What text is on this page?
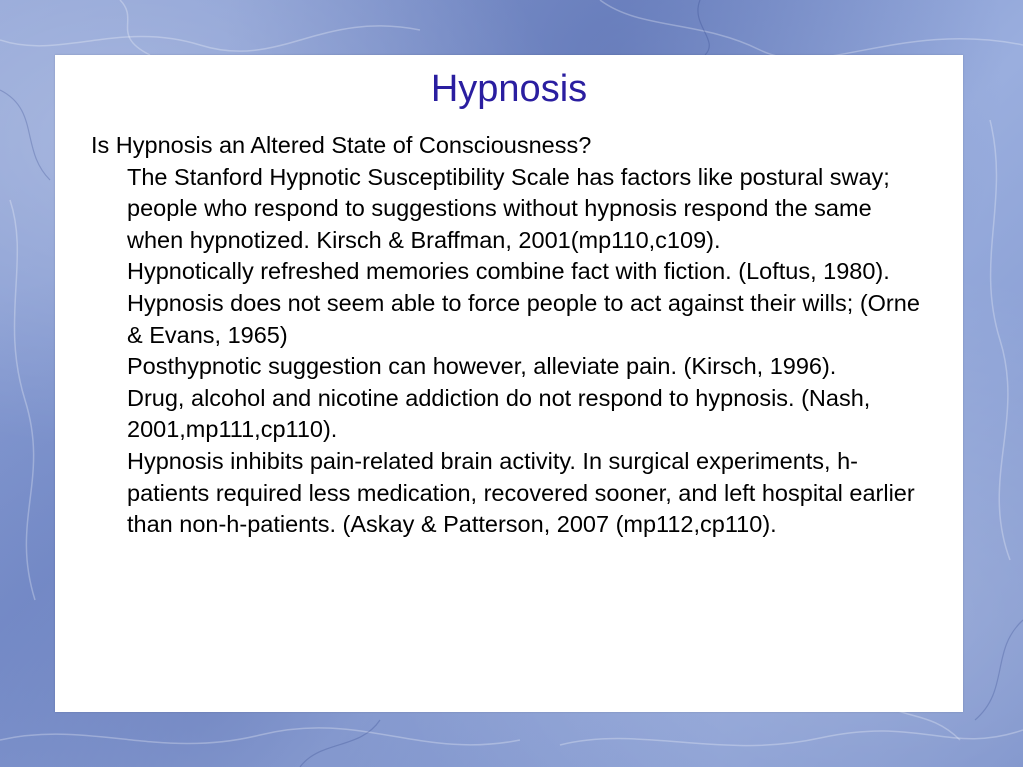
Hypnosis

Is Hypnosis an Altered State of Consciousness?

The Stanford Hypnotic Susceptibility Scale has factors like postural sway; people who respond to suggestions without hypnosis respond the same when hypnotized. Kirsch & Braffman, 2001(mp110,c109).
Hypnotically refreshed memories combine fact with fiction. (Loftus, 1980).
Hypnosis does not seem able to force people to act against their wills; (Orne & Evans, 1965)
Posthypnotic suggestion can however, alleviate pain. (Kirsch, 1996).
Drug, alcohol and nicotine addiction do not respond to hypnosis. (Nash, 2001,mp111,cp110).
Hypnosis inhibits pain-related brain activity. In surgical experiments, h-patients required less medication, recovered sooner, and left hospital earlier than non-h-patients. (Askay & Patterson, 2007 (mp112,cp110).
